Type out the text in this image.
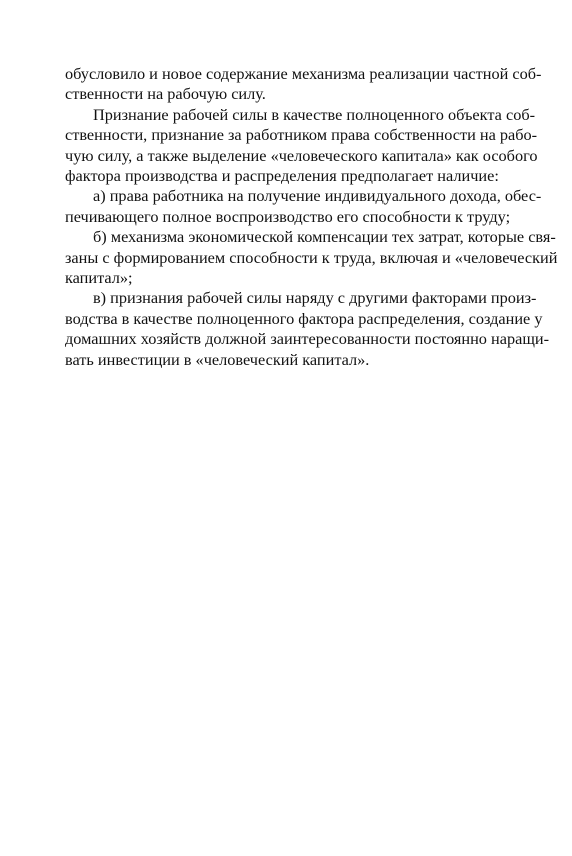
обусловило и новое содержание механизма реализации частной соб-
ственности на рабочую силу.

Признание рабочей силы в качестве полноценного объекта соб-
ственности, признание за работником права собственности на рабо-
чую силу, а также выделение «человеческого капитала» как особого
фактора производства и распределения предполагает наличие:

а) права работника на получение индивидуального дохода, обес-
печивающего полное воспроизводство его способности к труду;

б) механизма экономической компенсации тех затрат, которые свя-
заны с формированием способности к труда, включая и «человеческий
капитал»;

в) признания рабочей силы наряду с другими факторами произ-
водства в качестве полноценного фактора распределения, создание у
домашних хозяйств должной заинтересованности постоянно наращи-
вать инвестиции в «человеческий капитал».
